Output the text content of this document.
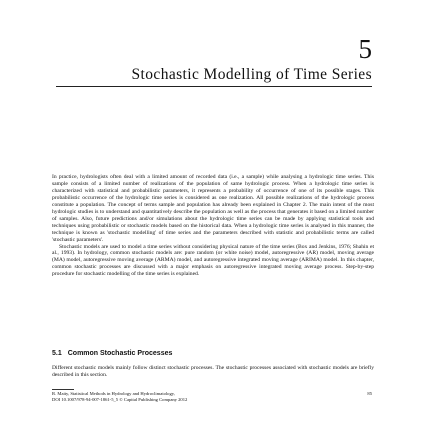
5
Stochastic Modelling of Time Series

In practice, hydrologists often deal with a limited amount of recorded data (i.e., a sample) while analysing a hydrologic time series. This sample consists of a limited number of realizations of the population of same hydrologic process. When a hydrologic time series is characterized with statistical and probabilistic parameters, it represents a probability of occurrence of one of its possible stages. This probabilistic occurrence of the hydrologic time series is considered as one realization. All possible realizations of the hydrologic process constitute a population. The concept of terms sample and population has already been explained in Chapter 2. The main intent of the most hydrologic studies is to understand and quantitatively describe the population as well as the process that generates it based on a limited number of samples. Also, future predictions and/or simulations about the hydrologic time series can be made by applying statistical tools and techniques using probabilistic or stochastic models based on the historical data. When a hydrologic time series is analysed in this manner, the technique is known as 'stochastic modelling' of time series and the parameters described with statistic and probabilistic terms are called 'stochastic parameters'.

Stochastic models are used to model a time series without considering physical nature of the time series (Box and Jenkins, 1976; Shahin et al., 1993). In hydrology, common stochastic models are: pure random (or white noise) model, autoregressive (AR) model, moving average (MA) model, autoregressive moving average (ARMA) model, and autoregressive integrated moving average (ARIMA) model. In this chapter, common stochastic processes are discussed with a major emphasis on autoregressive integrated moving average process. Step-by-step procedure for stochastic modelling of the time series is explained.

5.1 Common Stochastic Processes

Different stochastic models mainly follow distinct stochastic processes. The stochastic processes associated with stochastic models are briefly described in this section.

R. Maity, Statistical Methods in Hydrology and Hydroclimatology,
DOI 10.1007/978-94-007-1861-5_5 © Capital Publishing Company 2012
85
